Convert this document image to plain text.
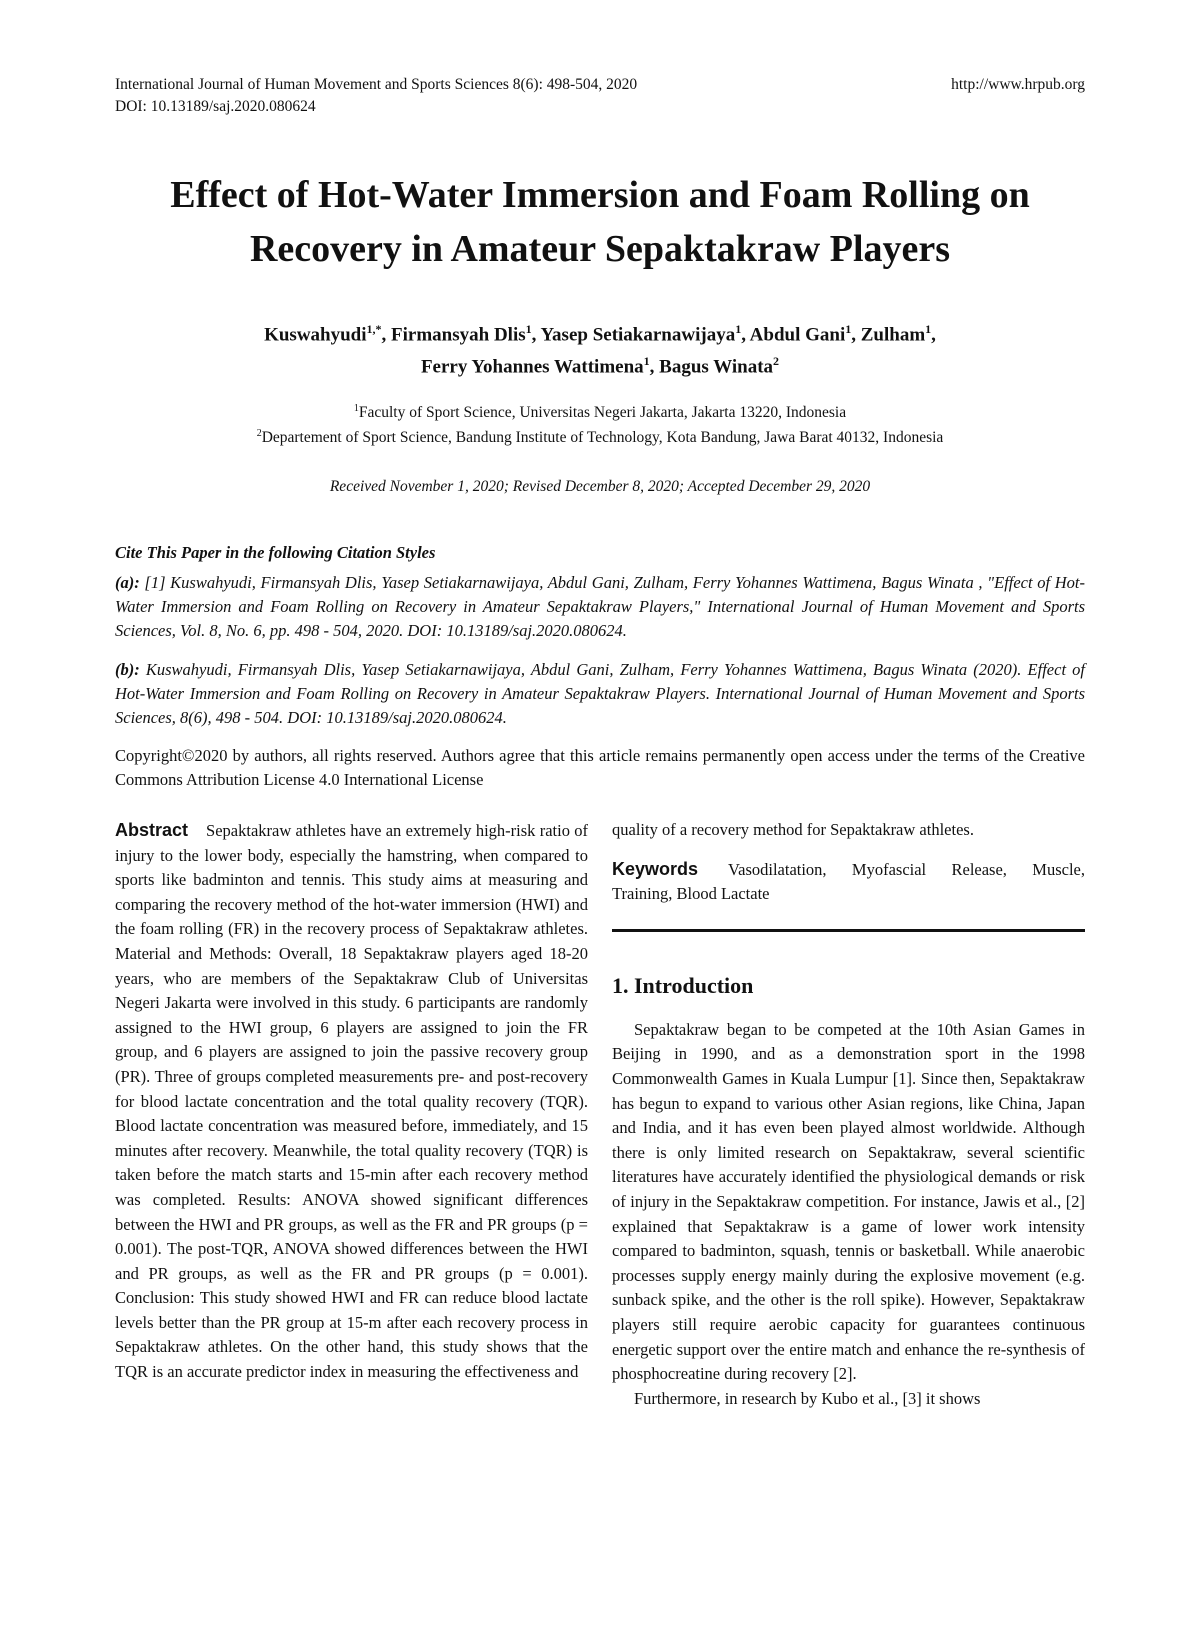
International Journal of Human Movement and Sports Sciences 8(6): 498-504, 2020
DOI: 10.13189/saj.2020.080624
http://www.hrpub.org
Effect of Hot-Water Immersion and Foam Rolling on
Recovery in Amateur Sepaktakraw Players
Kuswahyudi$^{1,*}$, Firmansyah Dlis$^1$, Yasep Setiakarnawijaya$^1$, Abdul Gani$^1$, Zulham$^1$,
Ferry Yohannes Wattimena$^1$, Bagus Winata$^2$
$^1$Faculty of Sport Science, Universitas Negeri Jakarta, Jakarta 13220, Indonesia
$^2$Departement of Sport Science, Bandung Institute of Technology, Kota Bandung, Jawa Barat 40132, Indonesia
Received November 1, 2020; Revised December 8, 2020; Accepted December 29, 2020
Cite This Paper in the following Citation Styles
(a): [1] Kuswahyudi, Firmansyah Dlis, Yasep Setiakarnawijaya, Abdul Gani, Zulham, Ferry Yohannes Wattimena, Bagus Winata , "Effect of Hot-Water Immersion and Foam Rolling on Recovery in Amateur Sepaktakraw Players," International Journal of Human Movement and Sports Sciences, Vol. 8, No. 6, pp. 498 - 504, 2020. DOI: 10.13189/saj.2020.080624.
(b): Kuswahyudi, Firmansyah Dlis, Yasep Setiakarnawijaya, Abdul Gani, Zulham, Ferry Yohannes Wattimena, Bagus Winata (2020). Effect of Hot-Water Immersion and Foam Rolling on Recovery in Amateur Sepaktakraw Players. International Journal of Human Movement and Sports Sciences, 8(6), 498 - 504. DOI: 10.13189/saj.2020.080624.
Copyright©2020 by authors, all rights reserved. Authors agree that this article remains permanently open access under the terms of the Creative Commons Attribution License 4.0 International License

Abstract Sepaktakraw athletes have an extremely high-risk ratio of injury to the lower body, especially the hamstring, when compared to sports like badminton and tennis. This study aims at measuring and comparing the recovery method of the hot-water immersion (HWI) and the foam rolling (FR) in the recovery process of Sepaktakraw athletes. Material and Methods: Overall, 18 Sepaktakraw players aged 18-20 years, who are members of the Sepaktakraw Club of Universitas Negeri Jakarta were involved in this study. 6 participants are randomly assigned to the HWI group, 6 players are assigned to join the FR group, and 6 players are assigned to join the passive recovery group (PR). Three of groups completed measurements pre- and post-recovery for blood lactate concentration and the total quality recovery (TQR). Blood lactate concentration was measured before, immediately, and 15 minutes after recovery. Meanwhile, the total quality recovery (TQR) is taken before the match starts and 15-min after each recovery method was completed. Results: ANOVA showed significant differences between the HWI and PR groups, as well as the FR and PR groups (p = 0.001). The post-TQR, ANOVA showed differences between the HWI and PR groups, as well as the FR and PR groups (p = 0.001). Conclusion: This study showed HWI and FR can reduce blood lactate levels better than the PR group at 15-m after each recovery process in Sepaktakraw athletes. On the other hand, this study shows that the TQR is an accurate predictor index in measuring the effectiveness and

quality of a recovery method for Sepaktakraw athletes.

Keywords Vasodilatation, Myofascial Release, Muscle, Training, Blood Lactate

1. Introduction

Sepaktakraw began to be competed at the 10th Asian Games in Beijing in 1990, and as a demonstration sport in the 1998 Commonwealth Games in Kuala Lumpur [1]. Since then, Sepaktakraw has begun to expand to various other Asian regions, like China, Japan and India, and it has even been played almost worldwide. Although there is only limited research on Sepaktakraw, several scientific literatures have accurately identified the physiological demands or risk of injury in the Sepaktakraw competition. For instance, Jawis et al., [2] explained that Sepaktakraw is a game of lower work intensity compared to badminton, squash, tennis or basketball. While anaerobic processes supply energy mainly during the explosive movement (e.g. sunback spike, and the other is the roll spike). However, Sepaktakraw players still require aerobic capacity for guarantees continuous energetic support over the entire match and enhance the re-synthesis of phosphocreatine during recovery [2].

Furthermore, in research by Kubo et al., [3] it shows
